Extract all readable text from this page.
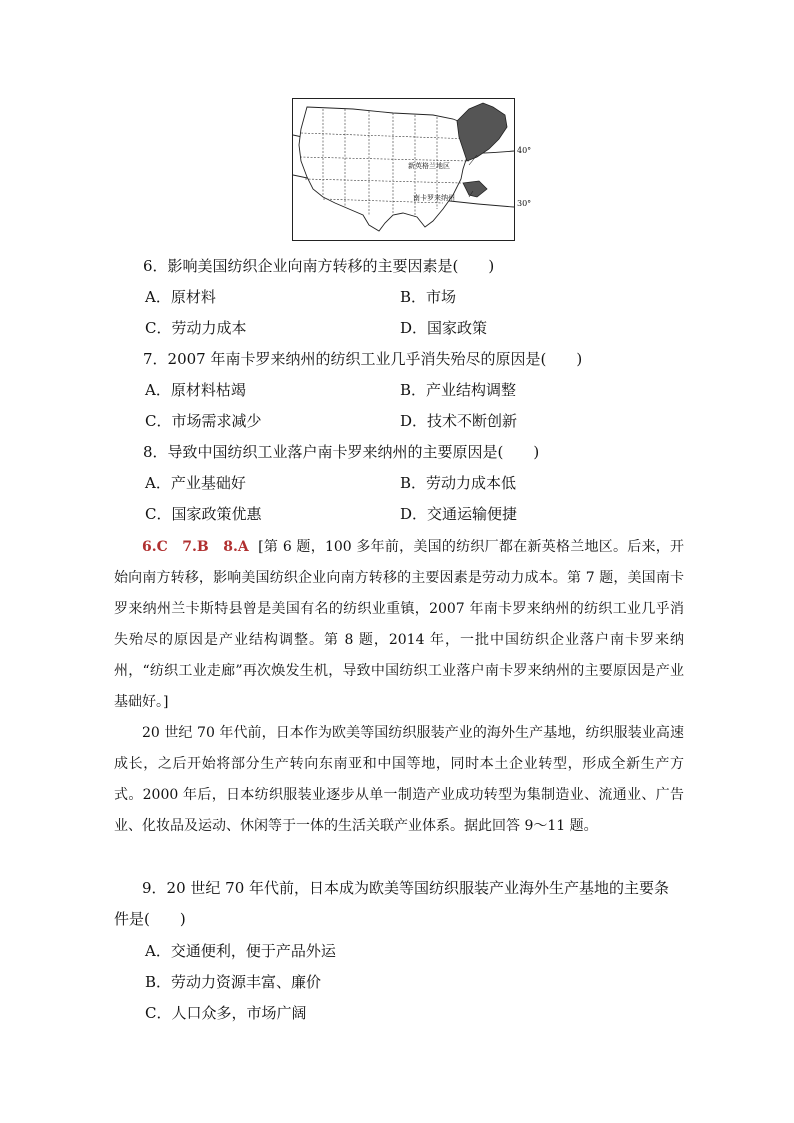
新英格兰地区
南卡罗来纳州
40°
30°
6．影响美国纺织企业向南方转移的主要因素是(　　)
A．原材料	B．市场
C．劳动力成本	D．国家政策
7．2007 年南卡罗来纳州的纺织工业几乎消失殆尽的原因是(　　)
A．原材料枯竭	B．产业结构调整
C．市场需求减少	D．技术不断创新
8．导致中国纺织工业落户南卡罗来纳州的主要原因是(　　)
A．产业基础好	B．劳动力成本低
C．国家政策优惠	D．交通运输便捷
6.C　7.B　8.A [第 6 题，100 多年前，美国的纺织厂都在新英格兰地区。后来，开始向南方转移，影响美国纺织企业向南方转移的主要因素是劳动力成本。第 7 题，美国南卡罗来纳州兰卡斯特县曾是美国有名的纺织业重镇，2007 年南卡罗来纳州的纺织工业几乎消失殆尽的原因是产业结构调整。第 8 题，2014 年，一批中国纺织企业落户南卡罗来纳州，“纺织工业走廊”再次焕发生机，导致中国纺织工业落户南卡罗来纳州的主要原因是产业基础好。]
20 世纪 70 年代前，日本作为欧美等国纺织服装产业的海外生产基地，纺织服装业高速成长，之后开始将部分生产转向东南亚和中国等地，同时本土企业转型，形成全新生产方式。2000 年后，日本纺织服装业逐步从单一制造产业成功转型为集制造业、流通业、广告业、化妆品及运动、休闲等于一体的生活关联产业体系。据此回答 9～11 题。
9．20 世纪 70 年代前，日本成为欧美等国纺织服装产业海外生产基地的主要条件是(　　)
A．交通便利，便于产品外运
B．劳动力资源丰富、廉价
C．人口众多，市场广阔
